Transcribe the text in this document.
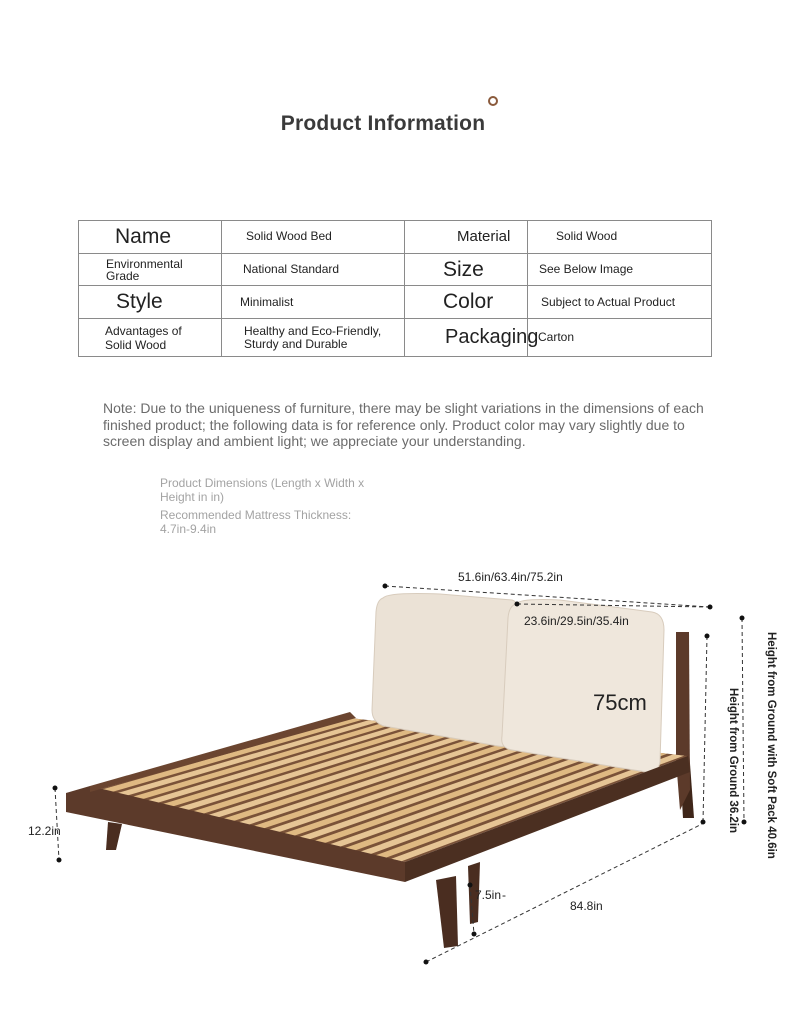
Product Information
Name	Solid Wood Bed	Material	Solid Wood
Environmental Grade	National Standard	Size	See Below Image
Style	Minimalist	Color	Subject to Actual Product
Advantages of Solid Wood	Healthy and Eco-Friendly, Sturdy and Durable	Packaging	Carton
Note: Due to the uniqueness of furniture, there may be slight variations in the dimensions of each finished product; the following data is for reference only. Product color may vary slightly due to screen display and ambient light; we appreciate your understanding.

Product Dimensions (Length x Width x Height in in)

Recommended Mattress Thickness: 4.7in-9.4in

51.6in/63.4in/75.2in
23.6in/29.5in/35.4in
75cm	Height from Ground with Soft Pack 40.6in
Height from Ground 36.2in
12.2in
7.5in -
84.8in
